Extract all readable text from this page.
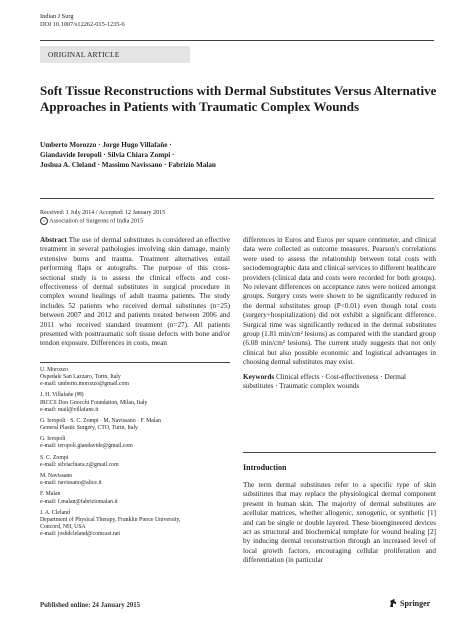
Indian J Surg
DOI 10.1007/s12262-015-1235-6
ORIGINAL ARTICLE
Soft Tissue Reconstructions with Dermal Substitutes Versus Alternative Approaches in Patients with Traumatic Complex Wounds
Umberto Morozzo · Jorge Hugo Villafañe ·
Giandavide Ieropoli · Silvia Chiara Zompi ·
Joshua A. Cleland · Massimo Navissano · Fabrizio Malan
Received: 1 July 2014 / Accepted: 12 January 2015
c Association of Surgeons of India 2015
Abstract The use of dermal substitutes is considered an effective treatment in several pathologies involving skin damage, mainly extensive burns and trauma. Treatment alternatives entail performing flaps or autografts. The purpose of this cross-sectional study is to assess the clinical effects and cost-effectiveness of dermal substitutes in surgical procedure in complex wound healings of adult trauma patients. The study includes 52 patients who received dermal substitutes (n=25) between 2007 and 2012 and patients treated between 2006 and 2011 who received standard treatment (n=27). All patients presented with posttraumatic soft tissue defects with bone and/or tendon exposure. Differences in costs, mean
differences in Euros and Euros per square centimeter, and clinical data were collected as outcome measures. Pearson's correlations were used to assess the relationship between total costs with sociodemographic data and clinical services to different healthcare providers (clinical data and costs were recorded for both groups). No relevant differences on acceptance rates were noticed amongst groups. Surgery costs were shown to be significantly reduced in the dermal substitutes group (P<0.01) even though total costs (surgery+hospitalization) did not exhibit a significant difference. Surgical time was significantly reduced in the dermal substitutes group (1.81 min/cm² lesions) as compared with the standard group (6.08 min/cm² lesions). The current study suggests that not only clinical but also possible economic and logistical advantages in choosing dermal substitutes may exist.
U. Morozzo
Ospedale San Lazzaro, Turin, Italy
e-mail: umberto.morozzo@gmail.com
J. H. Villafañe (✉)
IRCCS Don Gnocchi Foundation, Milan, Italy
e-mail: mail@villafane.it
G. Ieropoli · S. C. Zompi · M. Navissano · F. Malan
General Plastic Surgery, CTO, Turin, Italy
G. Ieropoli
e-mail: ieropoli.giandavide@gmail.com
S. C. Zompi
e-mail: silviachiara.z@gmail.com
M. Navissano
e-mail: navissano@alice.it
F. Malan
e-mail: f.malan@fabriziomalan.it
J. A. Cleland
Department of Physical Therapy, Franklin Pierce University,
Concord, NH, USA
e-mail: joshdcleland@comcast.net
Keywords Clinical effects · Cost-effectiveness · Dermal substitutes · Traumatic complex wounds
Introduction
The term dermal substitutes refer to a specific type of skin substitutes that may replace the physiological dermal component present in human skin. The majority of dermal substitutes are acellular matrices, whether allogenic, xenogenic, or synthetic [1] and can be single or double layered. These bioengineered devices act as structural and biochemical template for wound healing [2] by inducing dermal reconstruction through an increased level of local growth factors, encouraging cellular proliferation and differentiation (in particular
Published online: 24 January 2015	Springer
